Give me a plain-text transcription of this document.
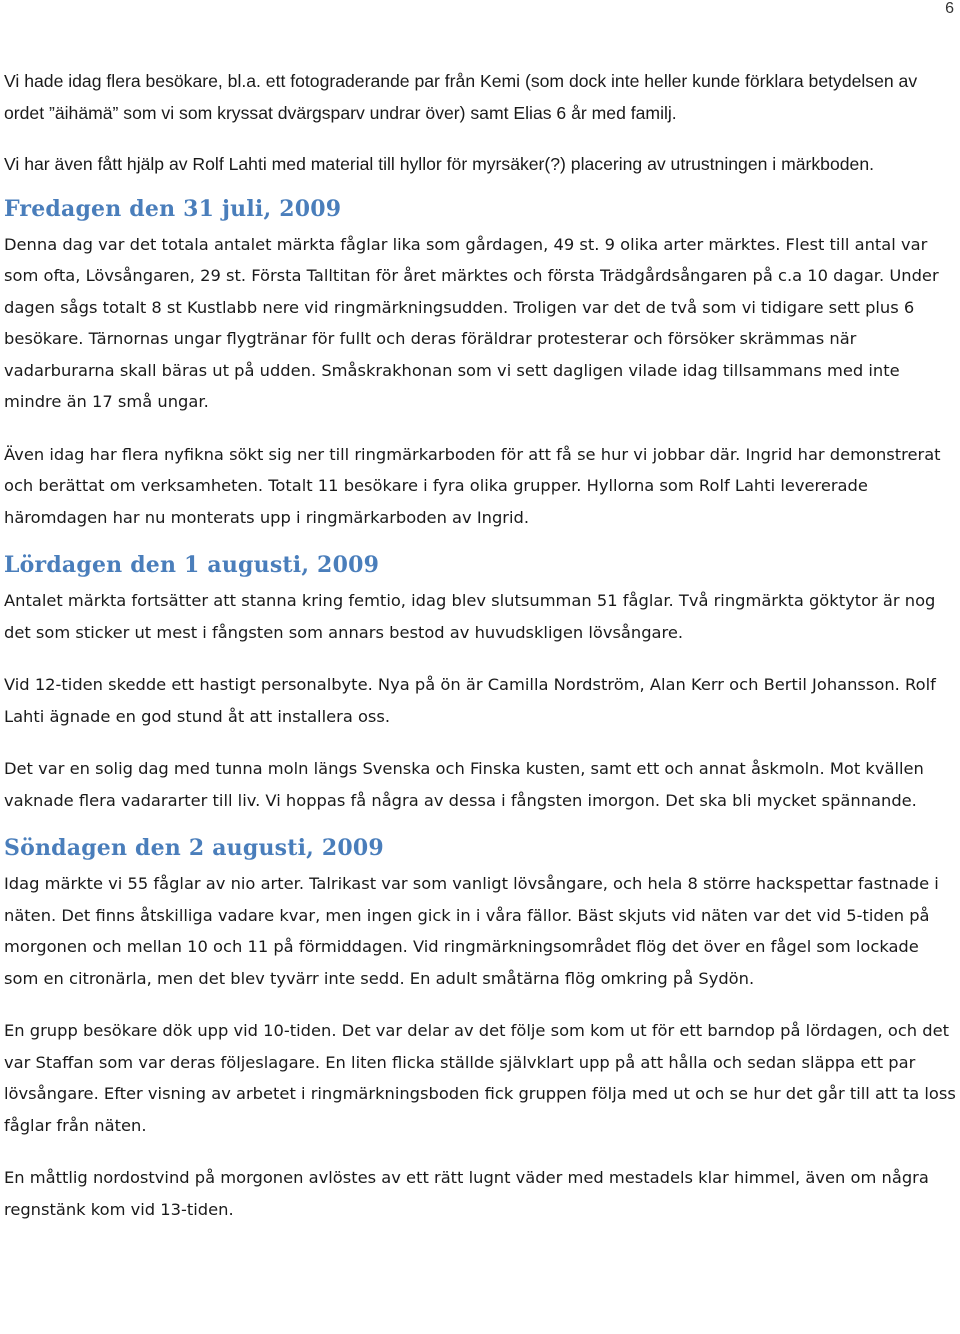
6

Vi hade idag flera besökare, bl.a. ett fotograderande par från Kemi (som dock inte heller kunde förklara betydelsen av ordet ”äihämä” som vi som kryssat dvärgsparv undrar över) samt Elias 6 år med familj.

Vi har även fått hjälp av Rolf Lahti med material till hyllor för myrsäker(?) placering av utrustningen i märkboden.

Fredagen den 31 juli, 2009

Denna dag var det totala antalet märkta fåglar lika som gårdagen, 49 st. 9 olika arter märktes. Flest till antal var som ofta, Lövsångaren, 29 st. Första Talltitan för året märktes och första Trädgårdsångaren på c.a 10 dagar. Under dagen sågs totalt 8 st Kustlabb nere vid ringmärkningsudden. Troligen var det de två som vi tidigare sett plus 6 besökare. Tärnornas ungar flygtränar för fullt och deras föräldrar protesterar och försöker skrämmas när vadarburarna skall bäras ut på udden. Småskrakhonan som vi sett dagligen vilade idag tillsammans med inte mindre än 17 små ungar.

Även idag har flera nyfikna sökt sig ner till ringmärkarboden för att få se hur vi jobbar där. Ingrid har demonstrerat och berättat om verksamheten. Totalt 11 besökare i fyra olika grupper. Hyllorna som Rolf Lahti levererade häromdagen har nu monterats upp i ringmärkarboden av Ingrid.

Lördagen den 1 augusti, 2009

Antalet märkta fortsätter att stanna kring femtio, idag blev slutsumman 51 fåglar. Två ringmärkta göktytor är nog det som sticker ut mest i fångsten som annars bestod av huvudskligen lövsångare.

Vid 12-tiden skedde ett hastigt personalbyte. Nya på ön är Camilla Nordström, Alan Kerr och Bertil Johansson. Rolf Lahti ägnade en god stund åt att installera oss.

Det var en solig dag med tunna moln längs Svenska och Finska kusten, samt ett och annat åskmoln. Mot kvällen vaknade flera vadararter till liv. Vi hoppas få några av dessa i fångsten imorgon. Det ska bli mycket spännande.

Söndagen den 2 augusti, 2009

Idag märkte vi 55 fåglar av nio arter. Talrikast var som vanligt lövsångare, och hela 8 större hackspettar fastnade i näten. Det finns åtskilliga vadare kvar, men ingen gick in i våra fällor. Bäst skjuts vid näten var det vid 5-tiden på morgonen och mellan 10 och 11 på förmiddagen. Vid ringmärkningsområdet flög det över en fågel som lockade som en citronärla, men det blev tyvärr inte sedd. En adult småtärna flög omkring på Sydön.

En grupp besökare dök upp vid 10-tiden. Det var delar av det följe som kom ut för ett barndop på lördagen, och det var Staffan som var deras följeslagare. En liten flicka ställde självklart upp på att hålla och sedan släppa ett par lövsångare. Efter visning av arbetet i ringmärkningsboden fick gruppen följa med ut och se hur det går till att ta loss fåglar från näten.

En måttlig nordostvind på morgonen avlöstes av ett rätt lugnt väder med mestadels klar himmel, även om några regnstänk kom vid 13-tiden.
